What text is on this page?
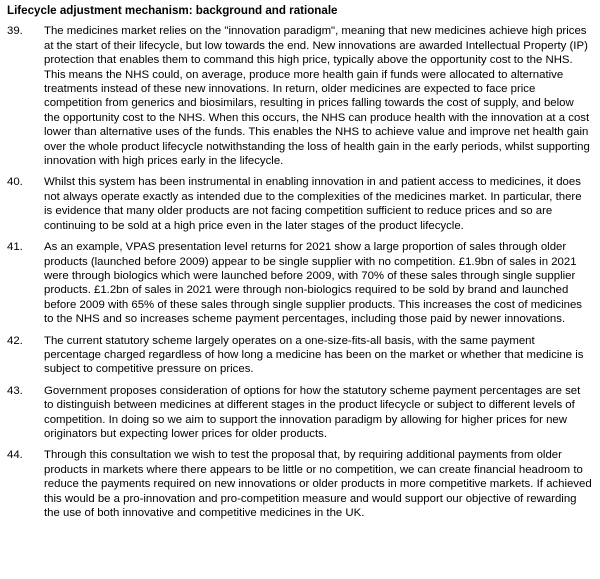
Lifecycle adjustment mechanism: background and rationale
39.	The medicines market relies on the "innovation paradigm", meaning that new medicines achieve high prices at the start of their lifecycle, but low towards the end. New innovations are awarded Intellectual Property (IP) protection that enables them to command this high price, typically above the opportunity cost to the NHS. This means the NHS could, on average, produce more health gain if funds were allocated to alternative treatments instead of these new innovations. In return, older medicines are expected to face price competition from generics and biosimilars, resulting in prices falling towards the cost of supply, and below the opportunity cost to the NHS. When this occurs, the NHS can produce health with the innovation at a cost lower than alternative uses of the funds. This enables the NHS to achieve value and improve net health gain over the whole product lifecycle notwithstanding the loss of health gain in the early periods, whilst supporting innovation with high prices early in the lifecycle.
40.	Whilst this system has been instrumental in enabling innovation in and patient access to medicines, it does not always operate exactly as intended due to the complexities of the medicines market. In particular, there is evidence that many older products are not facing competition sufficient to reduce prices and so are continuing to be sold at a high price even in the later stages of the product lifecycle.
41.	As an example, VPAS presentation level returns for 2021 show a large proportion of sales through older products (launched before 2009) appear to be single supplier with no competition. £1.9bn of sales in 2021 were through biologics which were launched before 2009, with 70% of these sales through single supplier products. £1.2bn of sales in 2021 were through non-biologics required to be sold by brand and launched before 2009 with 65% of these sales through single supplier products. This increases the cost of medicines to the NHS and so increases scheme payment percentages, including those paid by newer innovations.
42.	The current statutory scheme largely operates on a one-size-fits-all basis, with the same payment percentage charged regardless of how long a medicine has been on the market or whether that medicine is subject to competitive pressure on prices.
43.	Government proposes consideration of options for how the statutory scheme payment percentages are set to distinguish between medicines at different stages in the product lifecycle or subject to different levels of competition. In doing so we aim to support the innovation paradigm by allowing for higher prices for new originators but expecting lower prices for older products.
44.	Through this consultation we wish to test the proposal that, by requiring additional payments from older products in markets where there appears to be little or no competition, we can create financial headroom to reduce the payments required on new innovations or older products in more competitive markets. If achieved this would be a pro-innovation and pro-competition measure and would support our objective of rewarding the use of both innovative and competitive medicines in the UK.
